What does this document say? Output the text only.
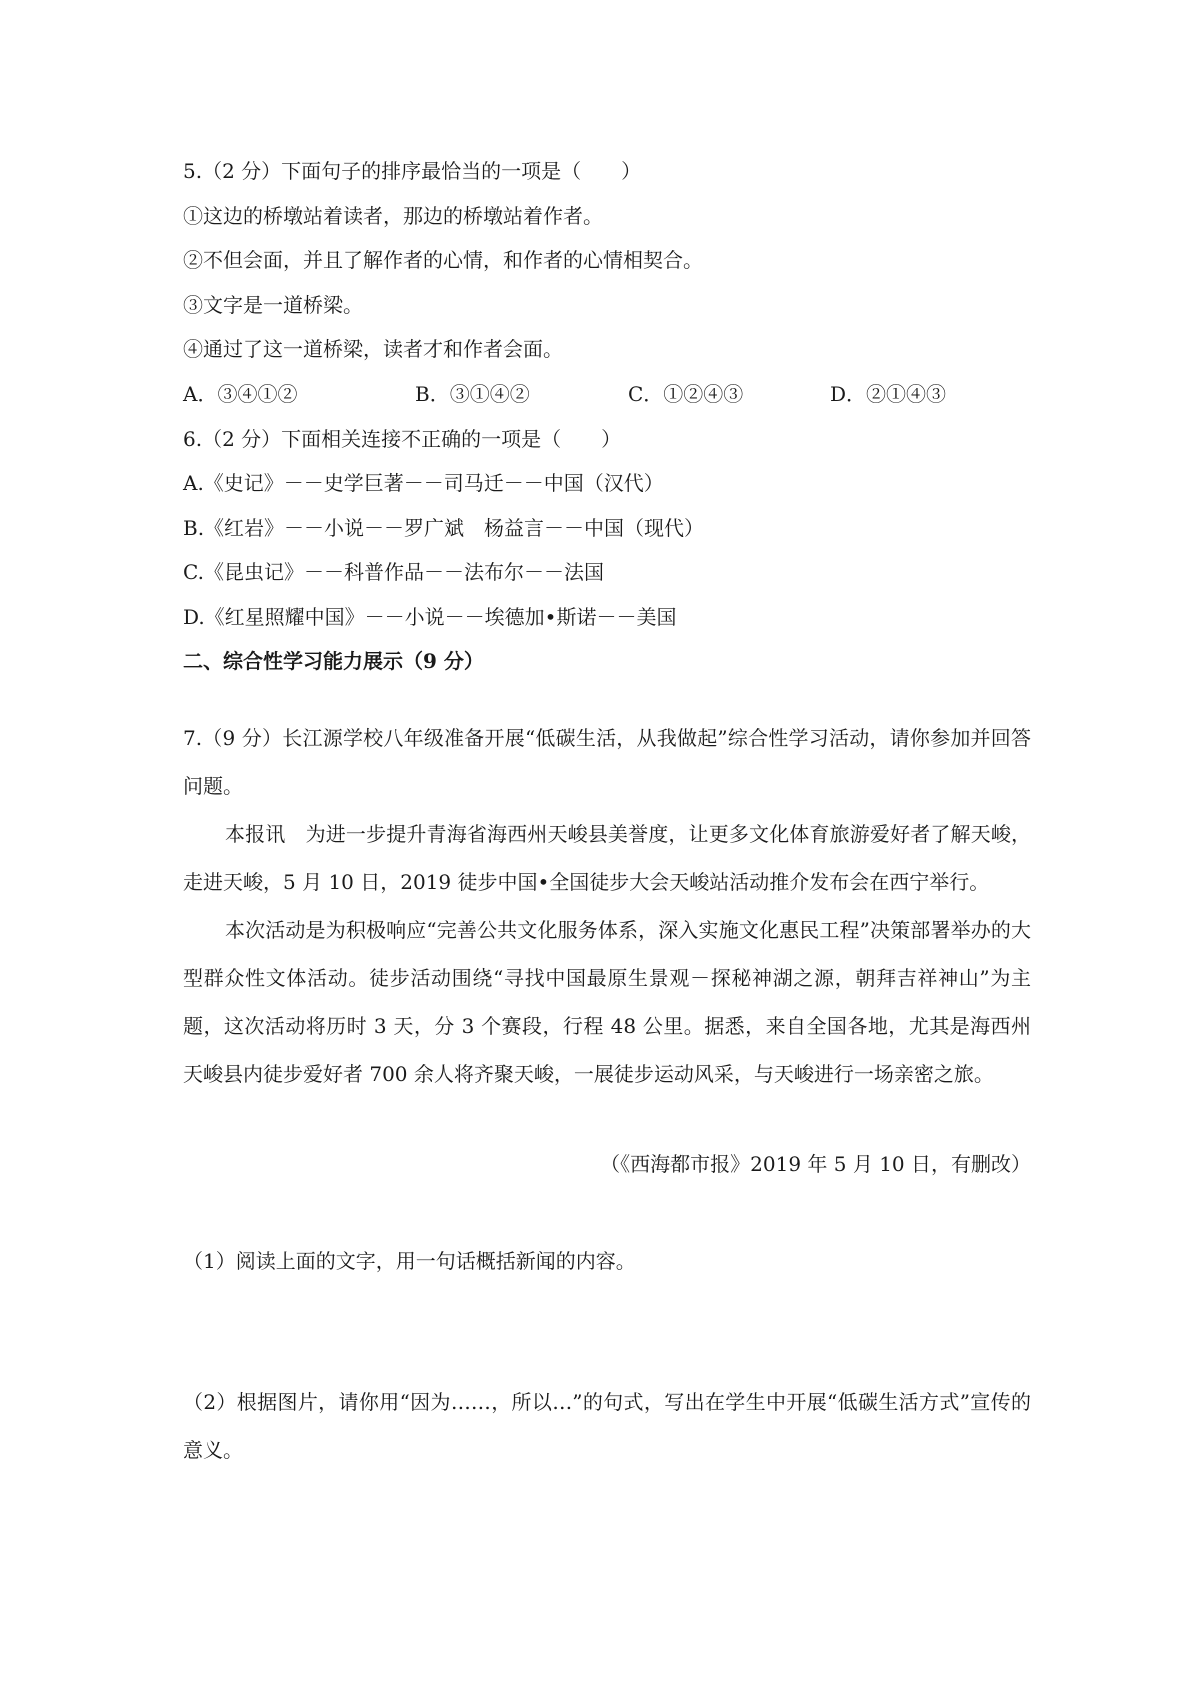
5.（2 分）下面句子的排序最恰当的一项是（　　）
①这边的桥墩站着读者，那边的桥墩站着作者。
②不但会面，并且了解作者的心情，和作者的心情相契合。
③文字是一道桥梁。
④通过了这一道桥梁，读者才和作者会面。
A．③④①②	B．③①④②	C．①②④③	D．②①④③
6.（2 分）下面相关连接不正确的一项是（　　）
A.《史记》－－史学巨著－－司马迁－－中国（汉代）
B.《红岩》－－小说－－罗广斌　杨益言－－中国（现代）
C.《昆虫记》－－科普作品－－法布尔－－法国
D.《红星照耀中国》－－小说－－埃德加•斯诺－－美国
二、综合性学习能力展示（9 分）
7.（9 分）长江源学校八年级准备开展“低碳生活，从我做起”综合性学习活动，请你参加并回答问题。
本报讯　为进一步提升青海省海西州天峻县美誉度，让更多文化体育旅游爱好者了解天峻，走进天峻，5 月 10 日，2019 徒步中国•全国徒步大会天峻站活动推介发布会在西宁举行。
本次活动是为积极响应“完善公共文化服务体系，深入实施文化惠民工程”决策部署举办的大型群众性文体活动。徒步活动围绕“寻找中国最原生景观－探秘神湖之源，朝拜吉祥神山”为主题，这次活动将历时 3 天，分 3 个赛段，行程 48 公里。据悉，来自全国各地，尤其是海西州天峻县内徒步爱好者 700 余人将齐聚天峻，一展徒步运动风采，与天峻进行一场亲密之旅。
（《西海都市报》2019 年 5 月 10 日，有删改）
（1）阅读上面的文字，用一句话概括新闻的内容。
（2）根据图片，请你用“因为……，所以…”的句式，写出在学生中开展“低碳生活方式”宣传的意义。
